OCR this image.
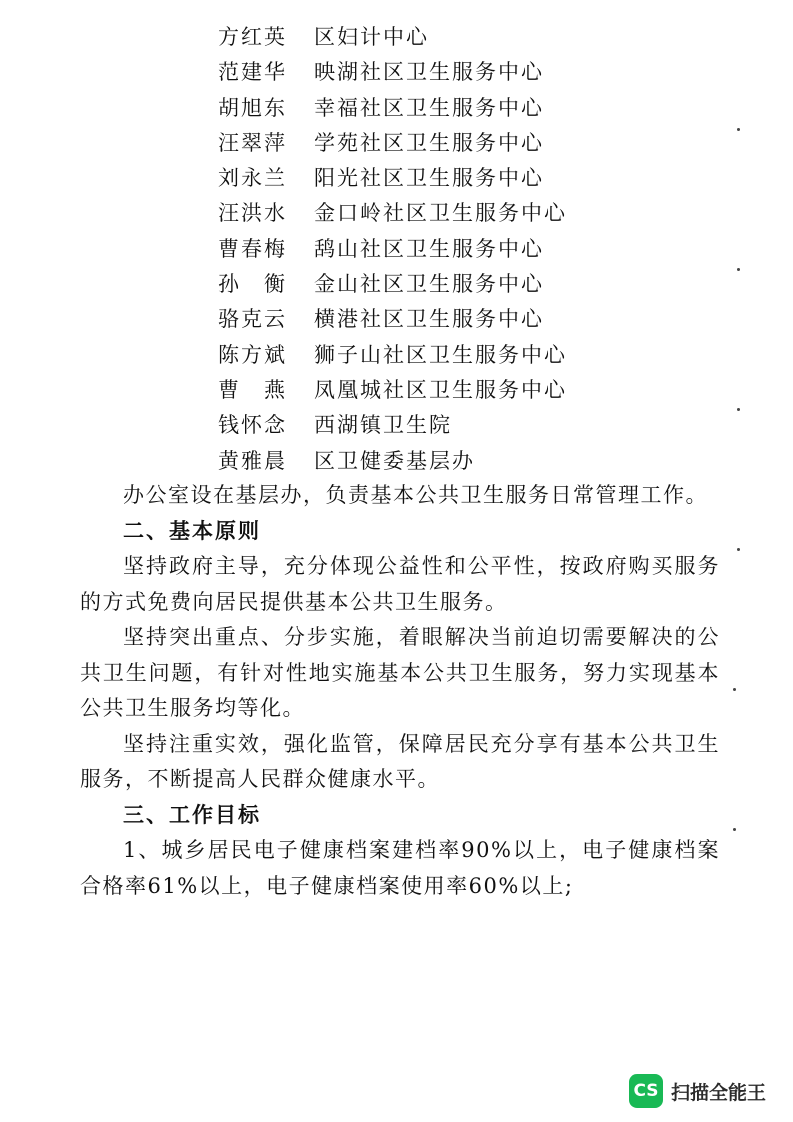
方红英 区妇计中心
范建华 映湖社区卫生服务中心
胡旭东 幸福社区卫生服务中心
汪翠萍 学苑社区卫生服务中心
刘永兰 阳光社区卫生服务中心
汪洪水 金口岭社区卫生服务中心
曹春梅 鸹山社区卫生服务中心
孙　衡 金山社区卫生服务中心
骆克云 横港社区卫生服务中心
陈方斌 狮子山社区卫生服务中心
曹　燕 凤凰城社区卫生服务中心
钱怀念 西湖镇卫生院
黄雅晨 区卫健委基层办

办公室设在基层办，负责基本公共卫生服务日常管理工作。

二、基本原则

坚持政府主导，充分体现公益性和公平性，按政府购买服务的方式免费向居民提供基本公共卫生服务。

坚持突出重点、分步实施，着眼解决当前迫切需要解决的公共卫生问题，有针对性地实施基本公共卫生服务，努力实现基本公共卫生服务均等化。

坚持注重实效，强化监管，保障居民充分享有基本公共卫生服务，不断提高人民群众健康水平。

三、工作目标

1、城乡居民电子健康档案建档率90%以上，电子健康档案合格率61%以上，电子健康档案使用率60%以上;

CS 扫描全能王
